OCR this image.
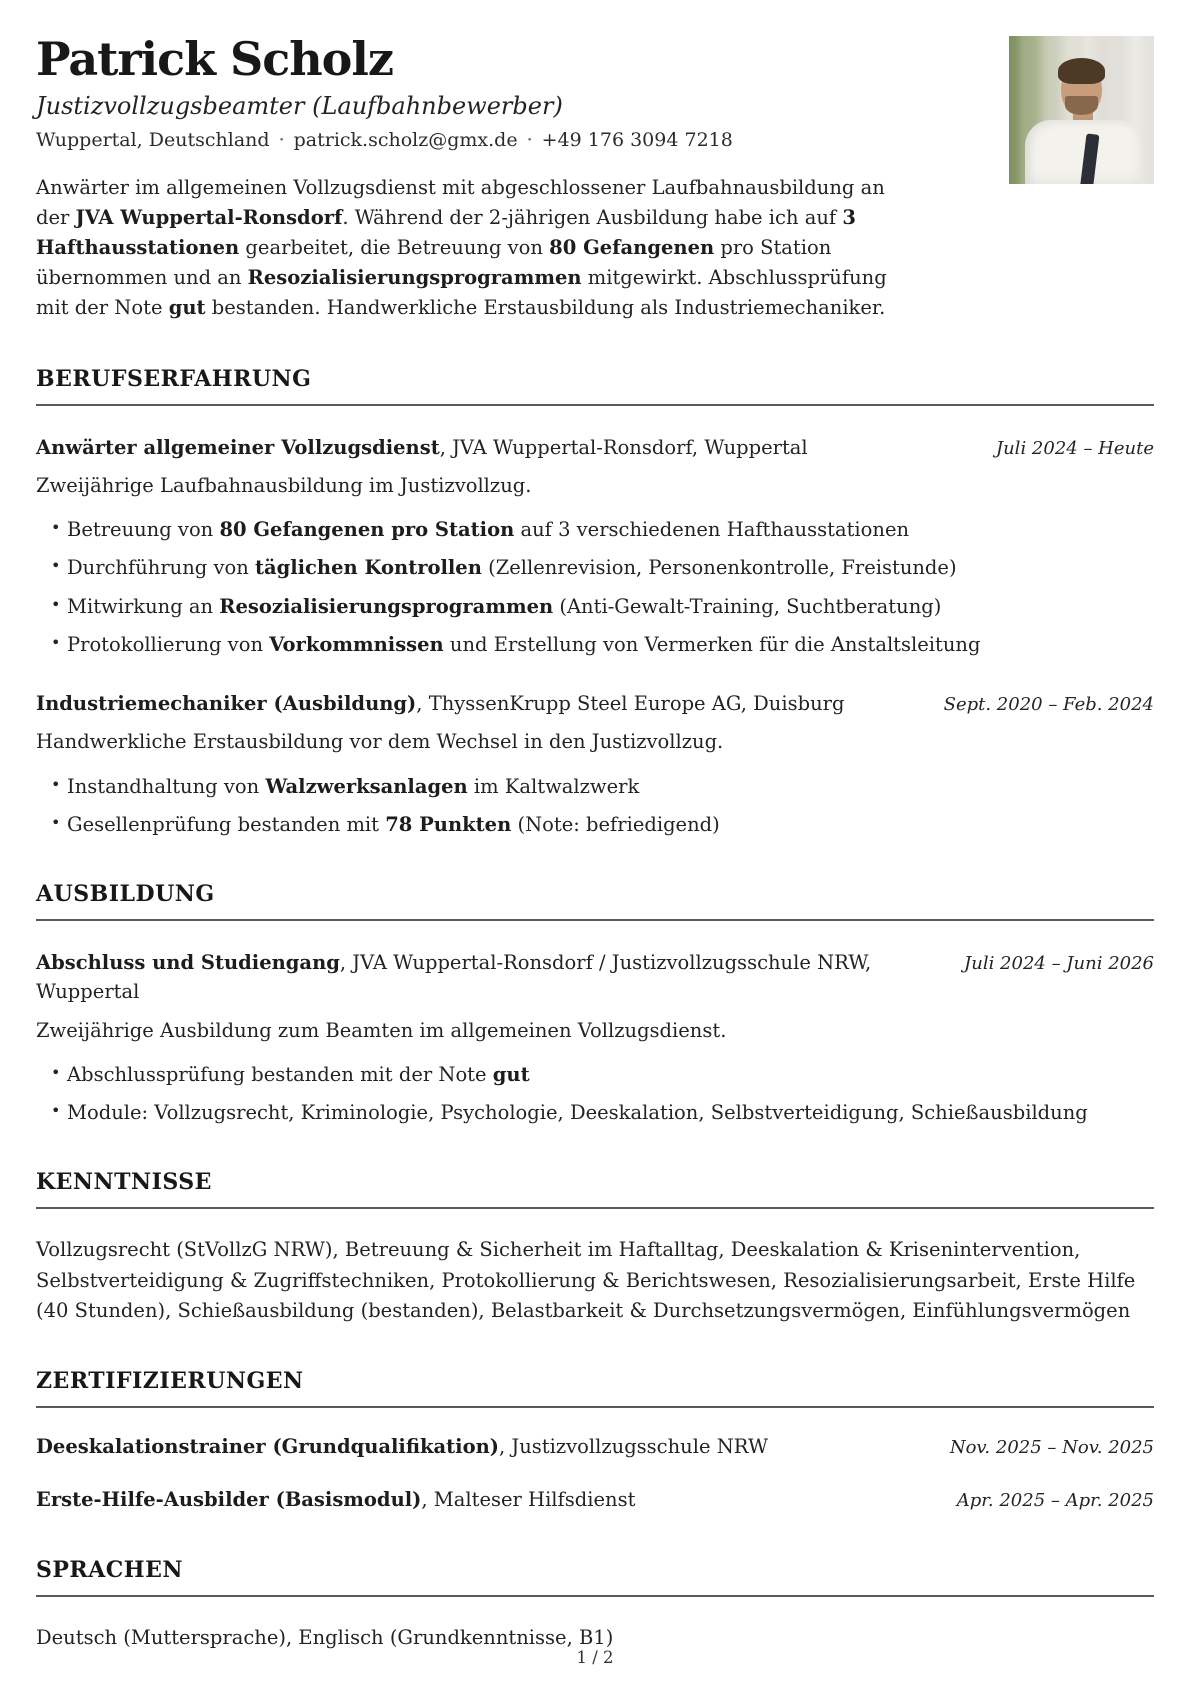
Patrick Scholz
Justizvollzugsbeamter (Laufbahnbewerber)
Wuppertal, Deutschland · patrick.scholz@gmx.de · +49 176 3094 7218

Anwärter im allgemeinen Vollzugsdienst mit abgeschlossener Laufbahnausbildung an der JVA Wuppertal-Ronsdorf. Während der 2-jährigen Ausbildung habe ich auf 3 Hafthausstationen gearbeitet, die Betreuung von 80 Gefangenen pro Station übernommen und an Resozialisierungsprogrammen mitgewirkt. Abschlussprüfung mit der Note gut bestanden. Handwerkliche Erstausbildung als Industriemechaniker.

BERUFSERFAHRUNG
Anwärter allgemeiner Vollzugsdienst, JVA Wuppertal-Ronsdorf, Wuppertal	Juli 2024 – Heute
Zweijährige Laufbahnausbildung im Justizvollzug.
• Betreuung von 80 Gefangenen pro Station auf 3 verschiedenen Hafthausstationen
• Durchführung von täglichen Kontrollen (Zellenrevision, Personenkontrolle, Freistunde)
• Mitwirkung an Resozialisierungsprogrammen (Anti-Gewalt-Training, Suchtberatung)
• Protokollierung von Vorkommnissen und Erstellung von Vermerken für die Anstaltsleitung
Industriemechaniker (Ausbildung), ThyssenKrupp Steel Europe AG, Duisburg	Sept. 2020 – Feb. 2024
Handwerkliche Erstausbildung vor dem Wechsel in den Justizvollzug.
• Instandhaltung von Walzwerksanlagen im Kaltwalzwerk
• Gesellenprüfung bestanden mit 78 Punkten (Note: befriedigend)
AUSBILDUNG
Abschluss und Studiengang, JVA Wuppertal-Ronsdorf / Justizvollzugsschule NRW, Wuppertal
Juli 2024 – Juni 2026
Zweijährige Ausbildung zum Beamten im allgemeinen Vollzugsdienst.
• Abschlussprüfung bestanden mit der Note gut
• Module: Vollzugsrecht, Kriminologie, Psychologie, Deeskalation, Selbstverteidigung, Schießausbildung
KENNTNISSE

Vollzugsrecht (StVollzG NRW), Betreuung & Sicherheit im Haftalltag, Deeskalation & Krisenintervention, Selbstverteidigung & Zugriffstechniken, Protokollierung & Berichtswesen, Resozialisierungsarbeit, Erste Hilfe (40 Stunden), Schießausbildung (bestanden), Belastbarkeit & Durchsetzungsvermögen, Einfühlungsvermögen

ZERTIFIZIERUNGEN
Deeskalationstrainer (Grundqualifikation), Justizvollzugsschule NRW	Nov. 2025 – Nov. 2025
Erste-Hilfe-Ausbilder (Basismodul), Malteser Hilfsdienst	Apr. 2025 – Apr. 2025
SPRACHEN

Deutsch (Muttersprache), Englisch (Grundkenntnisse, B1)

1 / 2
